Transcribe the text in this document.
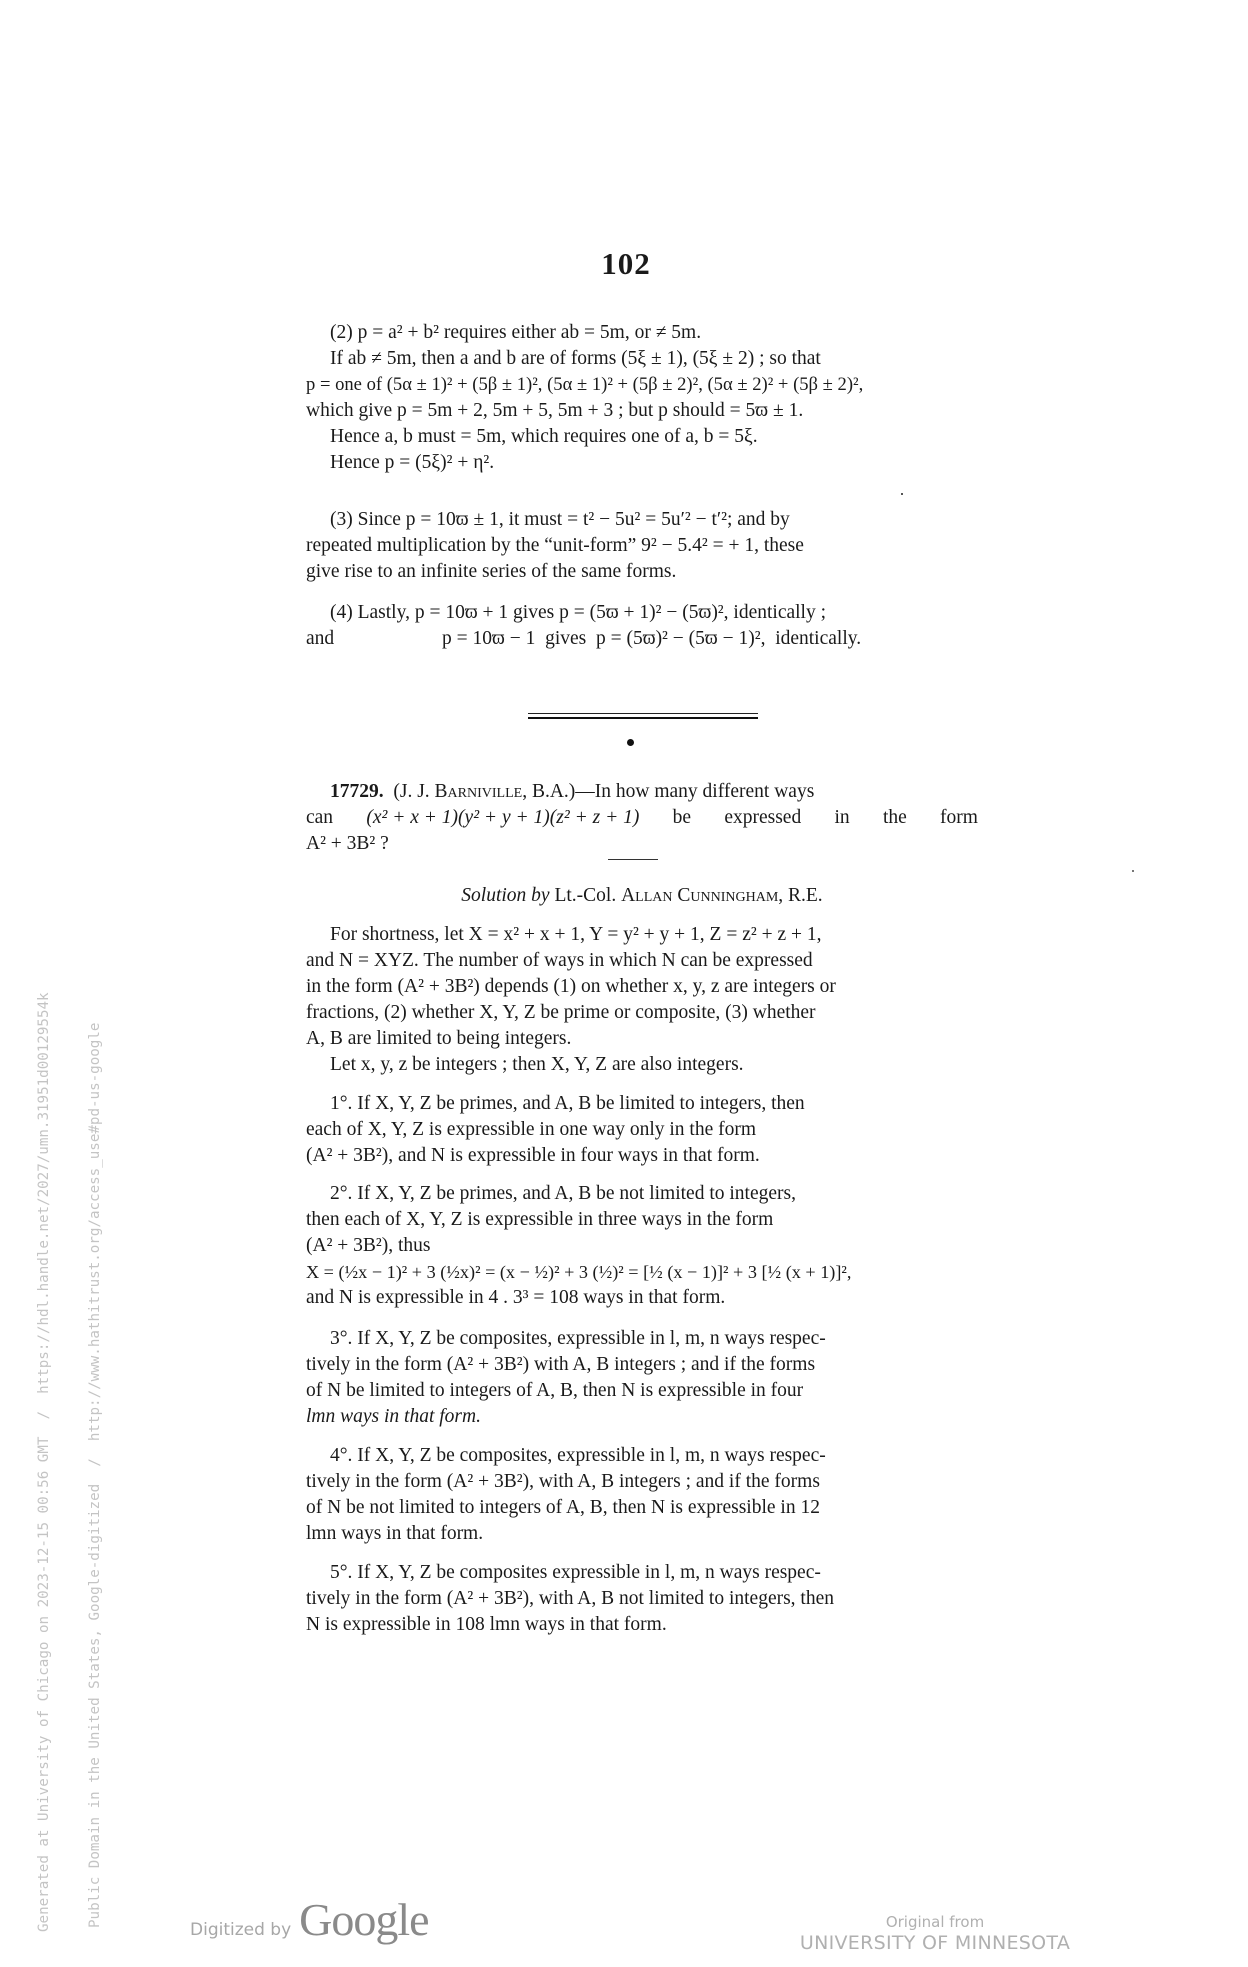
102
(2) p = a² + b² requires either ab = 5m, or ≠ 5m.
If ab ≠ 5m, then a and b are of forms (5ξ ± 1), (5ξ ± 2) ; so that
p = one of (5α ± 1)² + (5β ± 1)², (5α ± 1)² + (5β ± 2)², (5α ± 2)² + (5β ± 2)²,
which give p = 5m + 2, 5m + 5, 5m + 3 ; but p should = 5ϖ ± 1.
Hence a, b must = 5m, which requires one of a, b = 5ξ.
Hence p = (5ξ)² + η².
(3) Since p = 10ϖ ± 1, it must = t² − 5u² = 5u′² − t′²; and by
repeated multiplication by the “unit-form” 9² − 5.4² = + 1, these
give rise to an infinite series of the same forms.
(4) Lastly, p = 10ϖ + 1 gives p = (5ϖ + 1)² − (5ϖ)², identically ;
and	p = 10ϖ − 1  gives  p = (5ϖ)² − (5ϖ − 1)²,  identically.
17729.
(J. J. Barniville , B.A.)—In how many different ways
can (x² + x + 1)(y² + y + 1)(z² + z + 1) be expressed in the form
A² + 3B² ?
Solution by Lt.-Col. Allan Cunningham , R.E.
For shortness, let X = x² + x + 1, Y = y² + y + 1, Z = z² + z + 1,
and N = XYZ. The number of ways in which N can be expressed
in the form (A² + 3B²) depends (1) on whether x, y, z are integers or
fractions, (2) whether X, Y, Z be prime or composite, (3) whether
A, B are limited to being integers.
Let x, y, z be integers ; then X, Y, Z are also integers.
1°. If X, Y, Z be primes, and A, B be limited to integers, then
each of X, Y, Z is expressible in one way only in the form
(A² + 3B²), and N is expressible in four ways in that form.
2°. If X, Y, Z be primes, and A, B be not limited to integers,
then each of X, Y, Z is expressible in three ways in the form
(A² + 3B²), thus
X = (½x − 1)² + 3 (½x)² = (x − ½)² + 3 (½)² = [½ (x − 1)]² + 3 [½ (x + 1)]²,
and N is expressible in 4 . 3³ = 108 ways in that form.
3°. If X, Y, Z be composites, expressible in l, m, n ways respec-
tively in the form (A² + 3B²) with A, B integers ; and if the forms
of N be limited to integers of A, B, then N is expressible in four
lmn ways in that form.
4°. If X, Y, Z be composites, expressible in l, m, n ways respec-
tively in the form (A² + 3B²), with A, B integers ; and if the forms
of N be not limited to integers of A, B, then N is expressible in 12
lmn ways in that form.
5°. If X, Y, Z be composites expressible in l, m, n ways respec-
tively in the form (A² + 3B²), with A, B not limited to integers, then
N is expressible in 108 lmn ways in that form.

Generated at University of Chicago on 2023-12-15 00:56 GMT  /  https://hdl.handle.net/2027/umn.31951d00129554k

Public Domain in the United States, Google-digitized  /  http://www.hathitrust.org/access_use#pd-us-google

Digitized by Google	Original from
UNIVERSITY OF MINNESOTA
